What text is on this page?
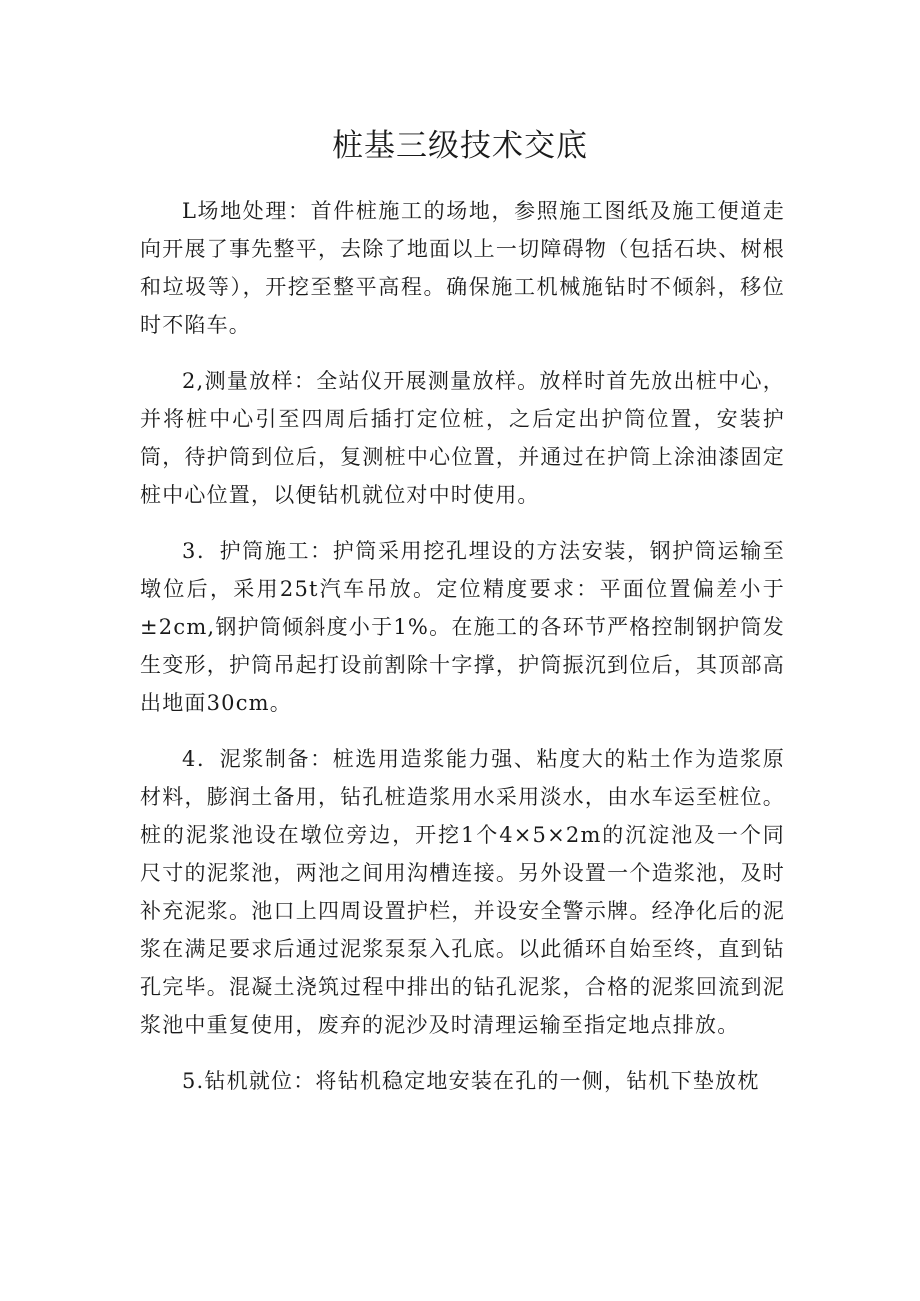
桩基三级技术交底

L场地处理：首件桩施工的场地，参照施工图纸及施工便道走向开展了事先整平，去除了地面以上一切障碍物（包括石块、树根和垃圾等），开挖至整平高程。确保施工机械施钻时不倾斜，移位时不陷车。

2,测量放样：全站仪开展测量放样。放样时首先放出桩中心，并将桩中心引至四周后插打定位桩，之后定出护筒位置，安装护筒，待护筒到位后，复测桩中心位置，并通过在护筒上涂油漆固定桩中心位置，以便钻机就位对中时使用。

3．护筒施工：护筒采用挖孔埋设的方法安装，钢护筒运输至墩位后，采用25t汽车吊放。定位精度要求：平面位置偏差小于±2cm,钢护筒倾斜度小于1%。在施工的各环节严格控制钢护筒发生变形，护筒吊起打设前割除十字撑，护筒振沉到位后，其顶部高出地面30cm。

4．泥浆制备：桩选用造浆能力强、粘度大的粘土作为造浆原材料，膨润土备用，钻孔桩造浆用水采用淡水，由水车运至桩位。桩的泥浆池设在墩位旁边，开挖1个4×5×2m的沉淀池及一个同尺寸的泥浆池，两池之间用沟槽连接。另外设置一个造浆池，及时补充泥浆。池口上四周设置护栏，并设安全警示牌。经净化后的泥浆在满足要求后通过泥浆泵泵入孔底。以此循环自始至终，直到钻孔完毕。混凝土浇筑过程中排出的钻孔泥浆，合格的泥浆回流到泥浆池中重复使用，废弃的泥沙及时清理运输至指定地点排放。

5.钻机就位：将钻机稳定地安装在孔的一侧，钻机下垫放枕
